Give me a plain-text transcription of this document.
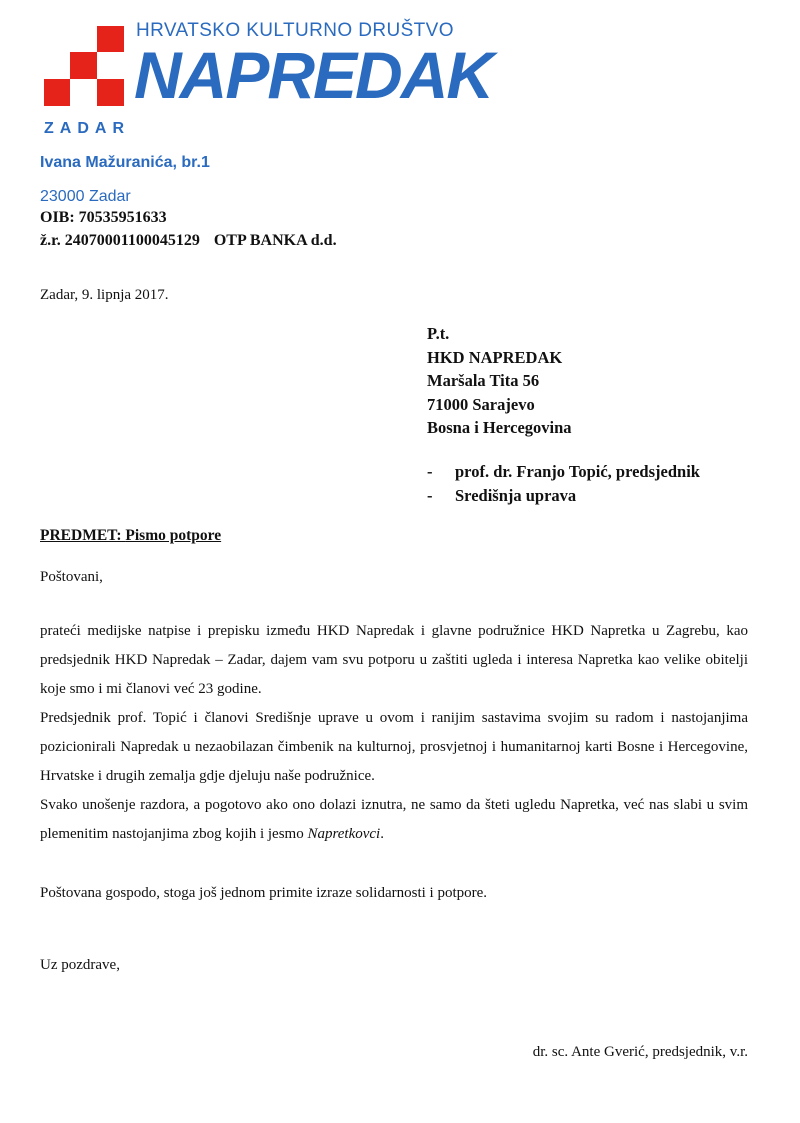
HRVATSKO KULTURNO DRUŠTVO
NAPREDAK
ZADAR
Ivana Mažuranića, br.1
23000 Zadar
OIB: 70535951633
ž.r. 24070001100045129 OTP BANKA d.d.
Zadar, 9. lipnja 2017.
P.t.
HKD NAPREDAK
Maršala Tita 56
71000 Sarajevo
Bosna i Hercegovina
- prof. dr. Franjo Topić, predsjednik
- Središnja uprava
PREDMET: Pismo potpore
Poštovani,

prateći medijske natpise i prepisku između HKD Napredak i glavne podružnice HKD Napretka u Zagrebu, kao predsjednik HKD Napredak – Zadar, dajem vam svu potporu u zaštiti ugleda i interesa Napretka kao velike obitelji koje smo i mi članovi već 23 godine.

Predsjednik prof. Topić i članovi Središnje uprave u ovom i ranijim sastavima svojim su radom i nastojanjima pozicionirali Napredak u nezaobilazan čimbenik na kulturnoj, prosvjetnoj i humanitarnoj karti Bosne i Hercegovine, Hrvatske i drugih zemalja gdje djeluju naše podružnice.

Svako unošenje razdora, a pogotovo ako ono dolazi iznutra, ne samo da šteti ugledu Napretka, već nas slabi u svim plemenitim nastojanjima zbog kojih i jesmo Napretkovci.

Poštovana gospodo, stoga još jednom primite izraze solidarnosti i potpore.
Uz pozdrave,
dr. sc. Ante Gverić, predsjednik, v.r.
